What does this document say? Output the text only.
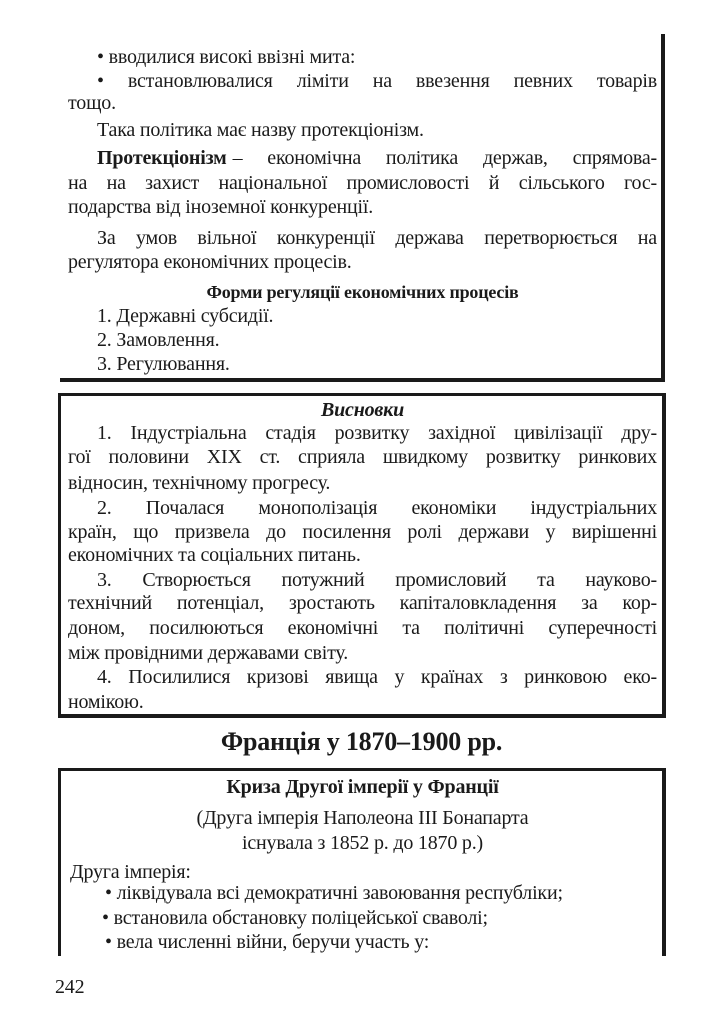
• вводилися високі ввізні мита:
• встановлювалися ліміти на ввезення певних товарів
тощо.
Така політика має назву протекціонізм.
Протекціонізм – економічна політика держав, спрямова-
на на захист національної промисловості й сільського гос-
подарства від іноземної конкуренції.
За умов вільної конкуренції держава перетворюється на
регулятора економічних процесів.
Форми регуляції економічних процесів
1. Державні субсидії.
2. Замовлення.
3. Регулювання.
Висновки
1. Індустріальна стадія розвитку західної цивілізації дру-
гої половини XIX ст. сприяла швидкому розвитку ринкових
відносин, технічному прогресу.
2. Почалася монополізація економіки індустріальних
країн, що призвела до посилення ролі держави у вирішенні
економічних та соціальних питань.
3. Створюється потужний промисловий та науково-
технічний потенціал, зростають капіталовкладення за кор-
доном, посилюються економічні та політичні суперечності
між провідними державами світу.
4. Посилилися кризові явища у країнах з ринковою еко-
номікою.
Франція у 1870–1900 рр.
Криза Другої імперії у Франції
(Друга імперія Наполеона III Бонапарта
існувала з 1852 р. до 1870 р.)
Друга імперія:
• ліквідувала всі демократичні завоювання республіки;
• встановила обстановку поліцейської сваволі;
• вела численні війни, беручи участь у:
242
